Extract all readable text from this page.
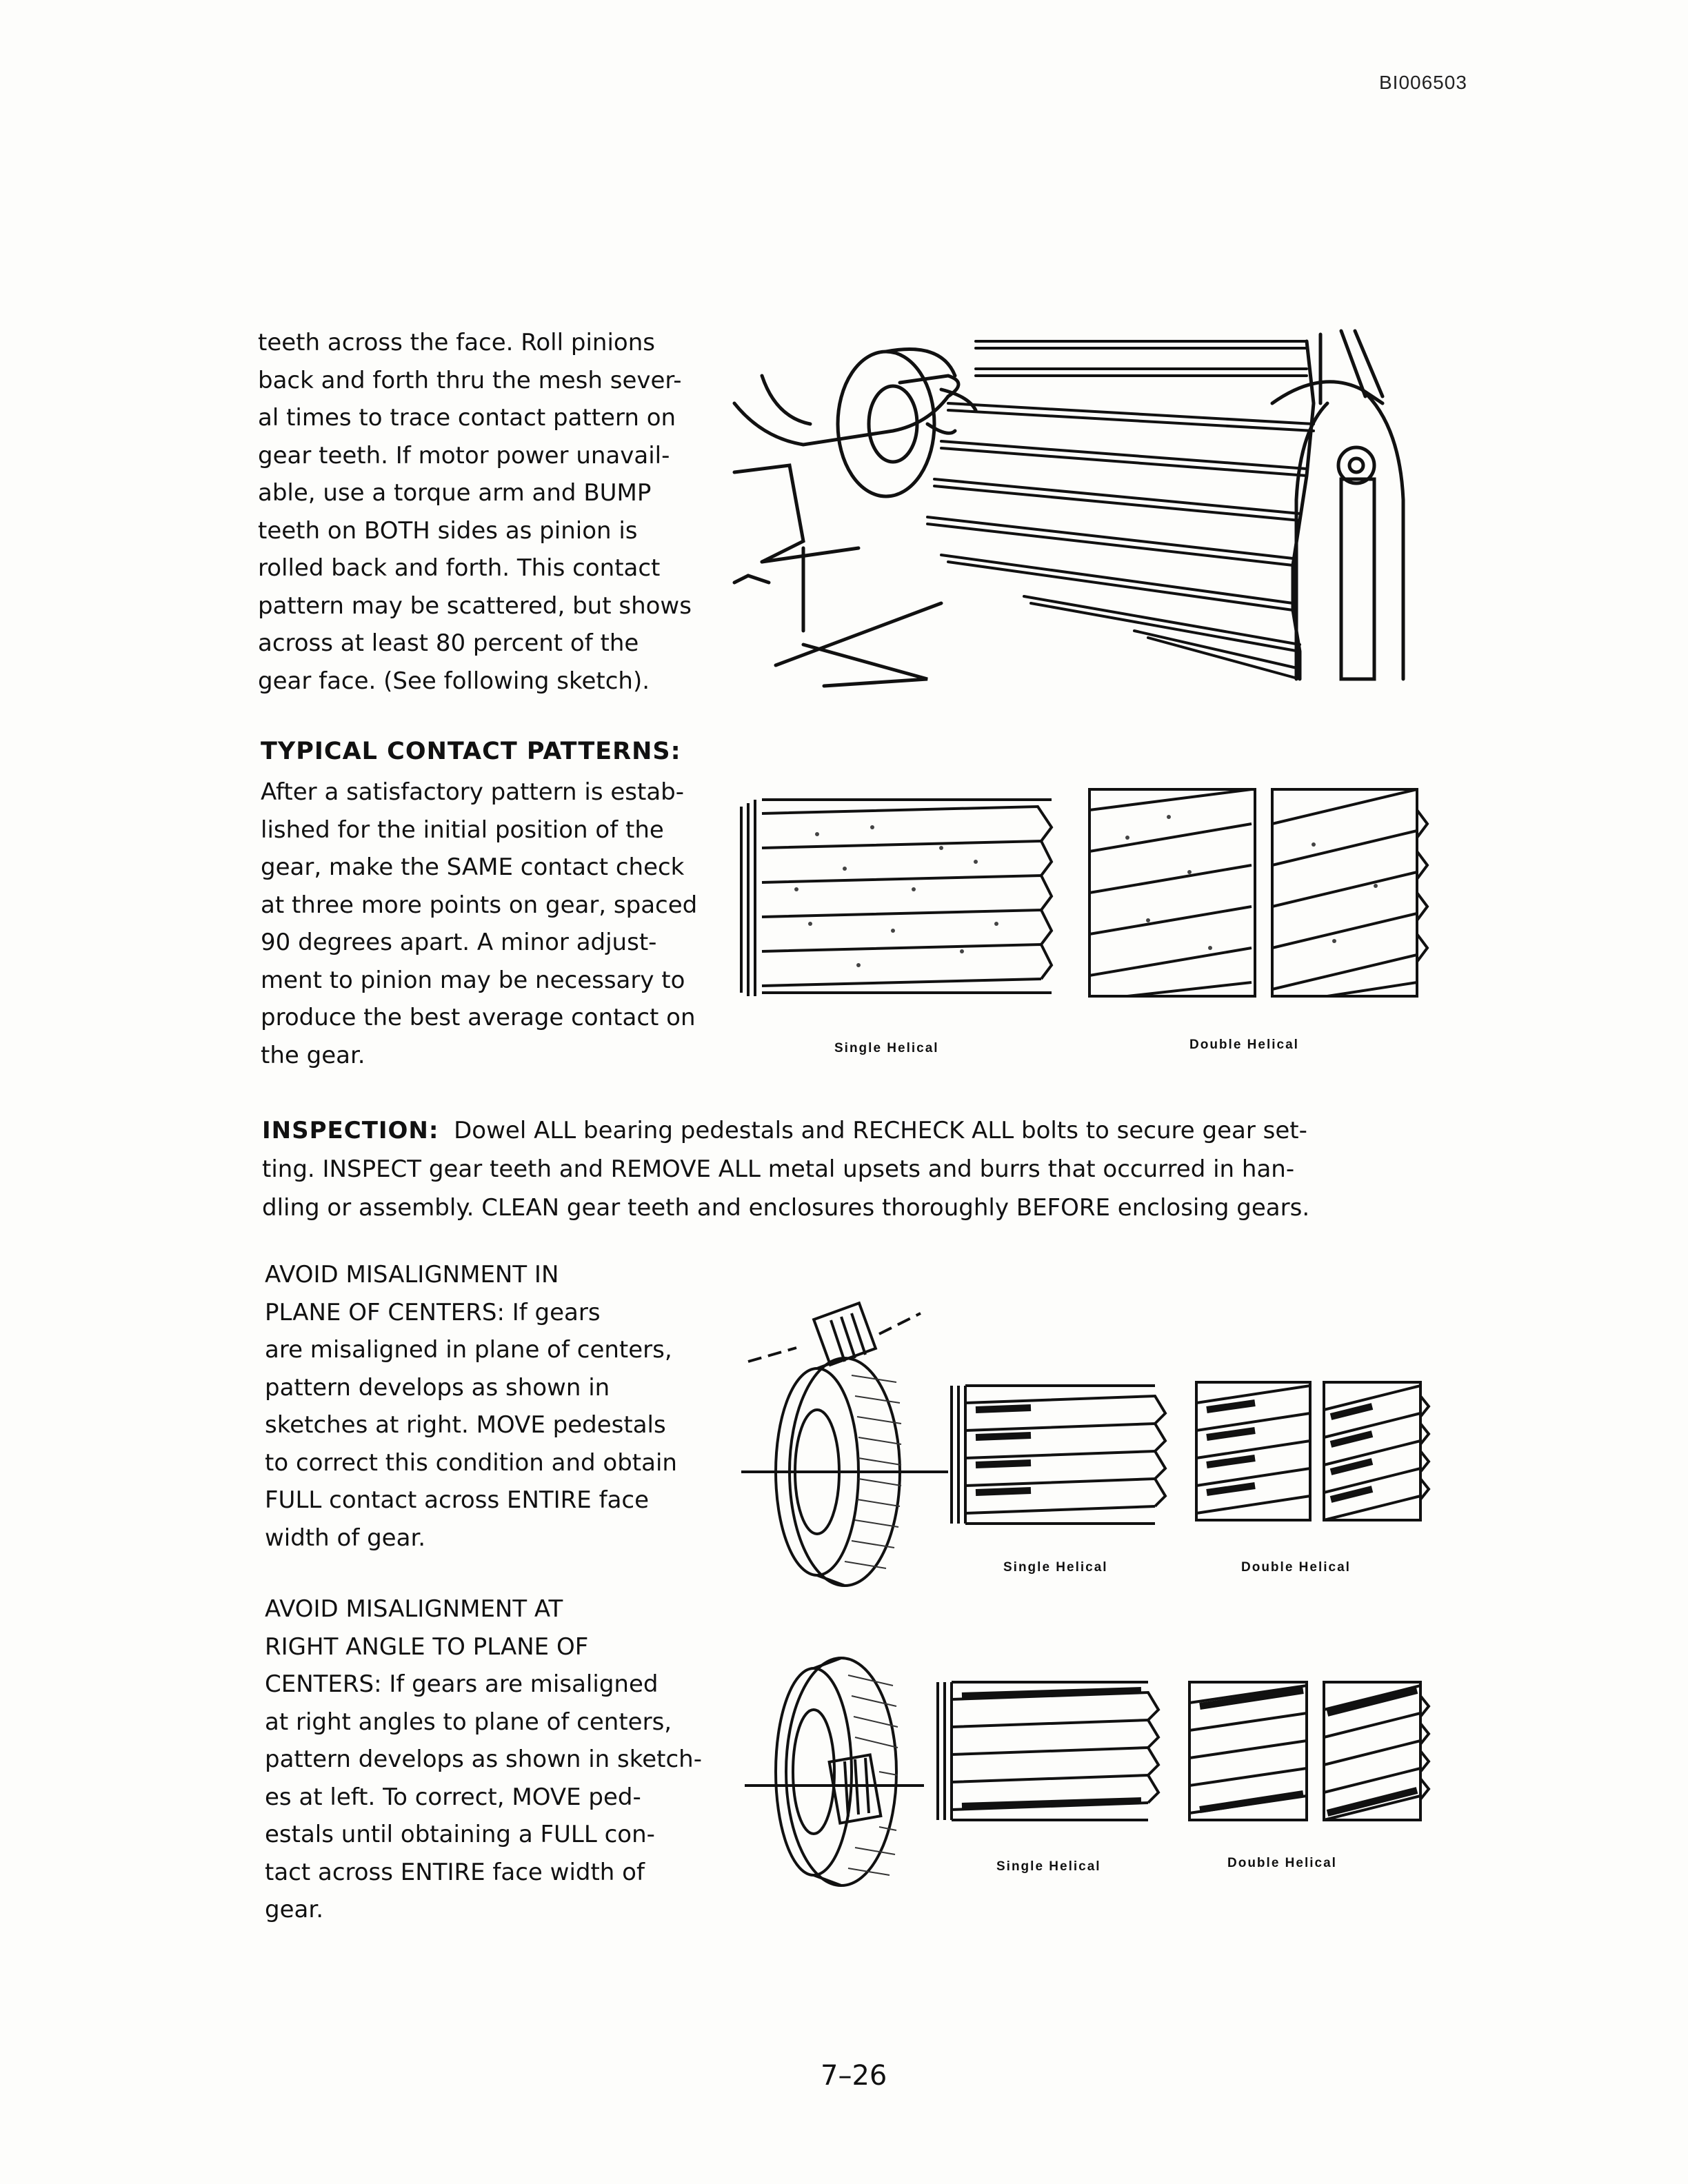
BI006503
teeth across the face. Roll pinions
back and forth thru the mesh sever-
al times to trace contact pattern on
gear teeth. If motor power unavail-
able, use a torque arm and BUMP
teeth on BOTH sides as pinion is
rolled back and forth. This contact
pattern may be scattered, but shows
across at least 80 percent of the
gear face. (See following sketch).
TYPICAL CONTACT PATTERNS:
After a satisfactory pattern is estab-
lished for the initial position of the
gear, make the SAME contact check
at three more points on gear, spaced
90 degrees apart. A minor adjust-
ment to pinion may be necessary to
produce the best average contact on
the gear.	Single Helical	Double Helical
INSPECTION: Dowel ALL bearing pedestals and RECHECK ALL bolts to secure gear set-
ting. INSPECT gear teeth and REMOVE ALL metal upsets and burrs that occurred in han-
dling or assembly. CLEAN gear teeth and enclosures thoroughly BEFORE enclosing gears.
AVOID MISALIGNMENT IN
PLANE OF CENTERS: If gears
are misaligned in plane of centers,
pattern develops as shown in
sketches at right. MOVE pedestals
to correct this condition and obtain
FULL contact across ENTIRE face
width of gear.
Single Helical	Double Helical
AVOID MISALIGNMENT AT
RIGHT ANGLE TO PLANE OF
CENTERS: If gears are misaligned
at right angles to plane of centers,
pattern develops as shown in sketch-
es at left. To correct, MOVE ped-
estals until obtaining a FULL con-
tact across ENTIRE face width of
gear.
Single Helical	Double Helical
7–26
